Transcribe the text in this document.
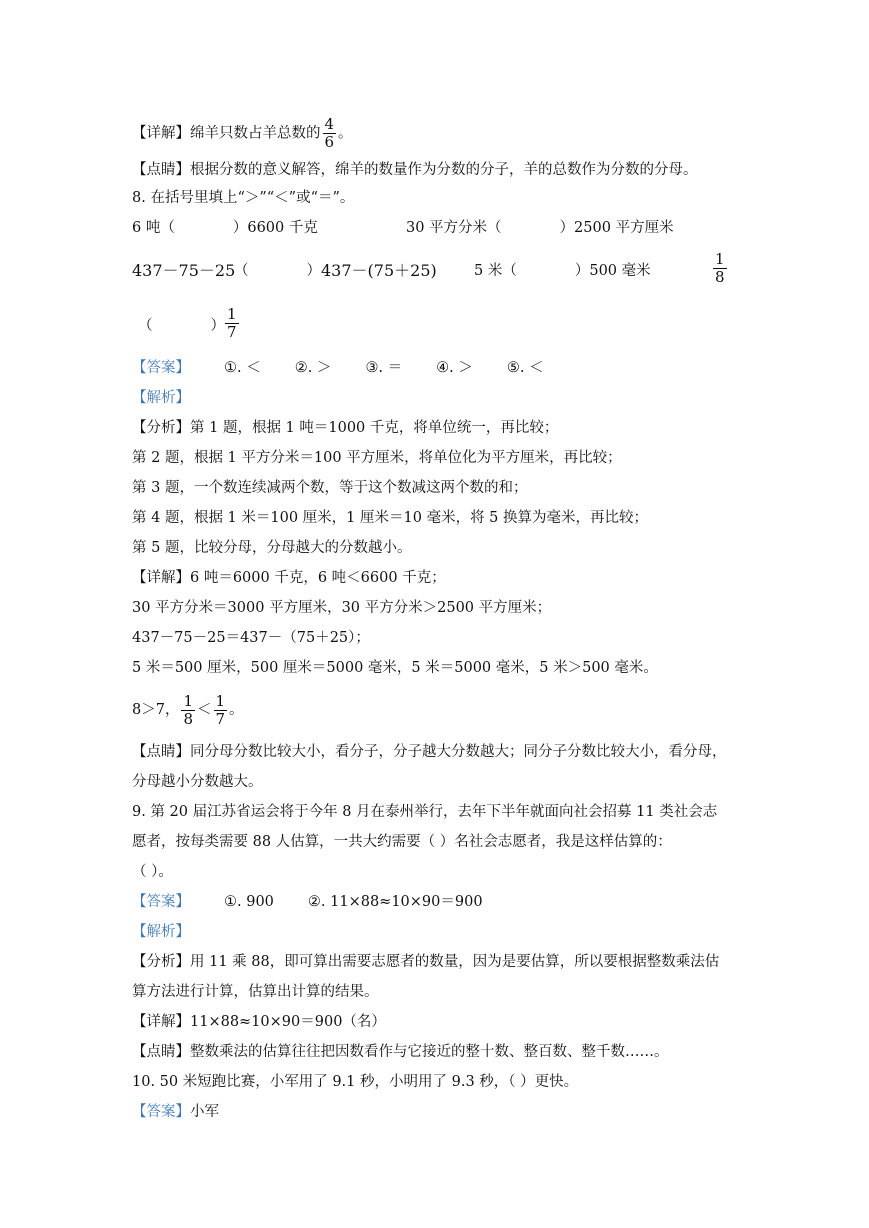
【详解】绵羊只数占羊总数的 $\frac{4}{6}$ 。
【点睛】根据分数的意义解答，绵羊的数量作为分数的分子，羊的总数作为分数的分母。
8. 在括号里填上“＞”“＜”或“＝”。
6 吨（	）6600 千克	30 平方分米（	）2500 平方厘米
437－75－25
（	） 437－(75＋25)	5 米（	）500 毫米	$\frac{1}{8}$
（	） $\frac{1}{7}$
【答案】 ①. ＜ ②. ＞ ③. ＝ ④. ＞ ⑤. ＜
【解析】
【分析】第 1 题，根据 1 吨＝1000 千克，将单位统一，再比较；
第 2 题，根据 1 平方分米＝100 平方厘米，将单位化为平方厘米，再比较；
第 3 题，一个数连续减两个数，等于这个数减这两个数的和；
第 4 题，根据 1 米＝100 厘米，1 厘米＝10 毫米，将 5 换算为毫米，再比较；
第 5 题，比较分母，分母越大的分数越小。
【详解】6 吨＝6000 千克，6 吨＜6600 千克；
30 平方分米＝3000 平方厘米，30 平方分米＞2500 平方厘米；
437－75－25＝437－（75＋25）；
5 米＝500 厘米，500 厘米＝5000 毫米，5 米＝5000 毫米，5 米＞500 毫米。
8＞7， $\frac{1}{8} < \frac{1}{7}$ 。
【点睛】同分母分数比较大小，看分子，分子越大分数越大；同分子分数比较大小，看分母，
分母越小分数越大。
9. 第 20 届江苏省运会将于今年 8 月在泰州举行，去年下半年就面向社会招募 11 类社会志
愿者，按每类需要 88 人估算，一共大约需要（ ）名社会志愿者，我是这样估算的：
（ ）。
【答案】 ①. 900 ②. 11×88≈10×90＝900
【解析】
【分析】用 11 乘 88，即可算出需要志愿者的数量，因为是要估算，所以要根据整数乘法估
算方法进行计算，估算出计算的结果。
【详解】11×88≈10×90＝900（名）
【点睛】整数乘法的估算往往把因数看作与它接近的整十数、整百数、整千数……。
10. 50 米短跑比赛，小军用了 9.1 秒，小明用了 9.3 秒，（ ）更快。
【答案】小军
